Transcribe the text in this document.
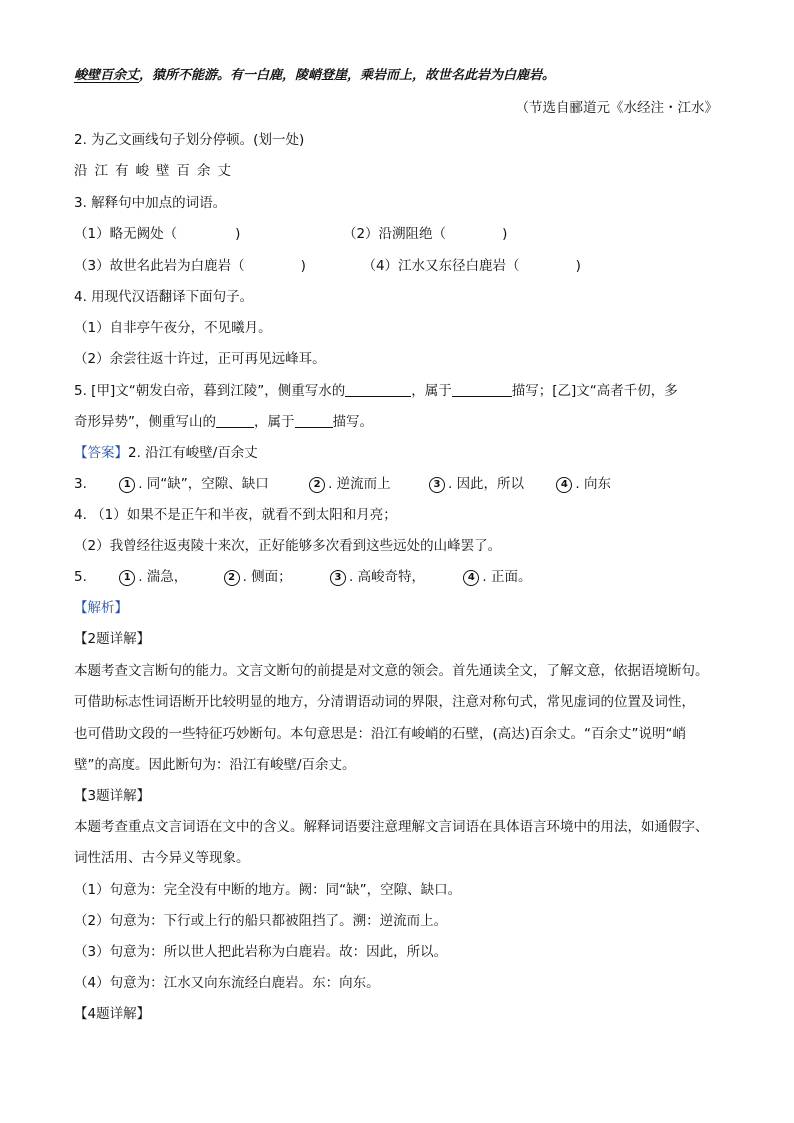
峻壁百余丈，猿所不能游。有一白鹿，陵峭登崖，乘岩而上，故世名此岩为白鹿岩。
（节选自郦道元《水经注・江水》
2. 为乙文画线句子划分停顿。(划一处)
沿江有峻壁百余丈
3. 解释句中加点的词语。
（1）略无阙处（	)	（2）沿溯阻绝（	)
（3）故世名此岩为白鹿岩（	)	（4）江水又东径白鹿岩（	)
4. 用现代汉语翻译下面句子。
（1）自非亭午夜分，不见曦月。
（2）余尝往返十许过，正可再见远峰耳。
5. [甲]文“朝发白帝，暮到江陵”，侧重写水的	，属于	描写；[乙]文“高者千仞，多
奇形异势”，侧重写山的	，属于	描写。
【答案】2. 沿江有峻壁/百余丈
3.	1 . 同“缺”，空隙、缺口	2 . 逆流而上	3 . 因此，所以	4 . 向东
4. （1）如果不是正午和半夜，就看不到太阳和月亮；
（2）我曾经往返夷陵十来次，正好能够多次看到这些远处的山峰罢了。
5.	1 . 湍急，	2 . 侧面；	3 . 高峻奇特，	4 . 正面。
【解析】
【2题详解】
本题考查文言断句的能力。文言文断句的前提是对文意的领会。首先通读全文，了解文意，依据语境断句。
可借助标志性词语断开比较明显的地方，分清谓语动词的界限，注意对称句式，常见虚词的位置及词性，
也可借助文段的一些特征巧妙断句。本句意思是：沿江有峻峭的石壁，(高达)百余丈。“百余丈”说明“峭
壁”的高度。因此断句为：沿江有峻壁/百余丈。
【3题详解】
本题考查重点文言词语在文中的含义。解释词语要注意理解文言词语在具体语言环境中的用法，如通假字、
词性活用、古今异义等现象。
（1）句意为：完全没有中断的地方。阙：同“缺”，空隙、缺口。
（2）句意为：下行或上行的船只都被阻挡了。溯：逆流而上。
（3）句意为：所以世人把此岩称为白鹿岩。故：因此，所以。
（4）句意为：江水又向东流经白鹿岩。东：向东。
【4题详解】
